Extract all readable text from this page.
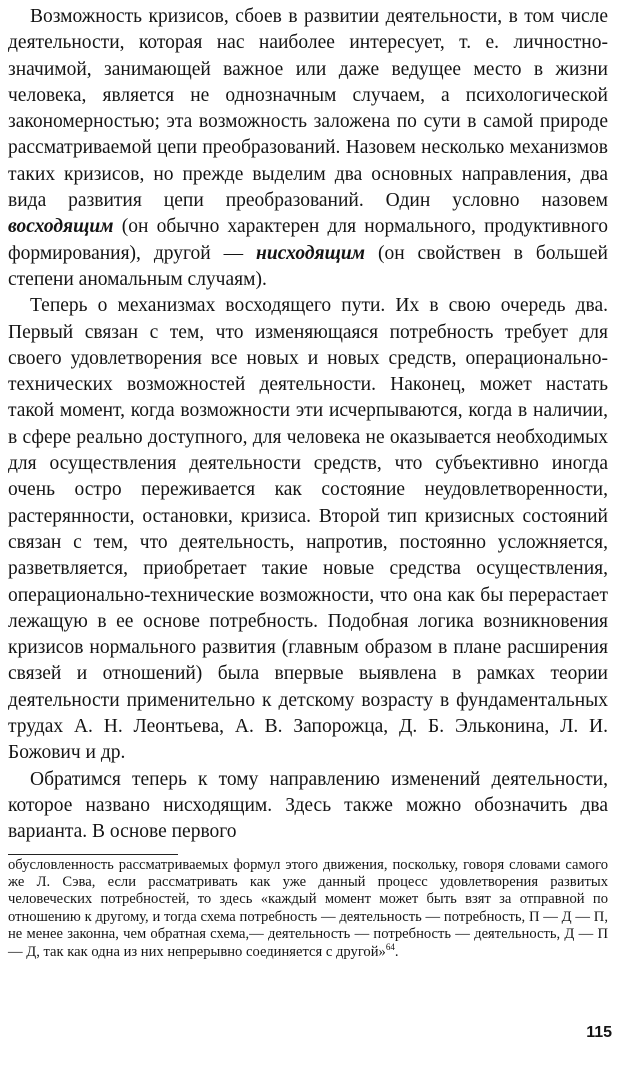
Возможность кризисов, сбоев в развитии деятельности, в том числе деятельности, которая нас наиболее интересует, т. е. личностно-значимой, занимающей важное или даже ведущее место в жизни человека, является не однозначным случаем, а психологической закономерностью; эта возможность заложена по сути в самой природе рассматриваемой цепи преобразований. Назовем несколько механизмов таких кризисов, но прежде выделим два основных направления, два вида развития цепи преобразований. Один условно назовем восходящим (он обычно характерен для нормального, продуктивного формирования), другой — нисходящим (он свойствен в большей степени аномальным случаям).

Теперь о механизмах восходящего пути. Их в свою очередь два. Первый связан с тем, что изменяющаяся потребность требует для своего удовлетворения все новых и новых средств, операционально-технических возможностей деятельности. Наконец, может настать такой момент, когда возможности эти исчерпываются, когда в наличии, в сфере реально доступного, для человека не оказывается необходимых для осуществления деятельности средств, что субъективно иногда очень остро переживается как состояние неудовлетворенности, растерянности, остановки, кризиса. Второй тип кризисных состояний связан с тем, что деятельность, напротив, постоянно усложняется, разветвляется, приобретает такие новые средства осуществления, операционально-технические возможности, что она как бы перерастает лежащую в ее основе потребность. Подобная логика возникновения кризисов нормального развития (главным образом в плане расширения связей и отношений) была впервые выявлена в рамках теории деятельности применительно к детскому возрасту в фундаментальных трудах А. Н. Леонтьева, А. В. Запорожца, Д. Б. Эльконина, Л. И. Божович и др.

Обратимся теперь к тому направлению изменений деятельности, которое названо нисходящим. Здесь также можно обозначить два варианта. В основе первого

обусловленность рассматриваемых формул этого движения, поскольку, говоря словами самого же Л. Сэва, если рассматривать как уже данный процесс удовлетворения развитых человеческих потребностей, то здесь «каждый момент может быть взят за отправной по отношению к другому, и тогда схема потребность — деятельность — потребность, П — Д — П, не менее законна, чем обратная схема,— деятельность — потребность — деятельность, Д — П — Д, так как одна из них непрерывно соединяется с другой»$^{64}$.

115
